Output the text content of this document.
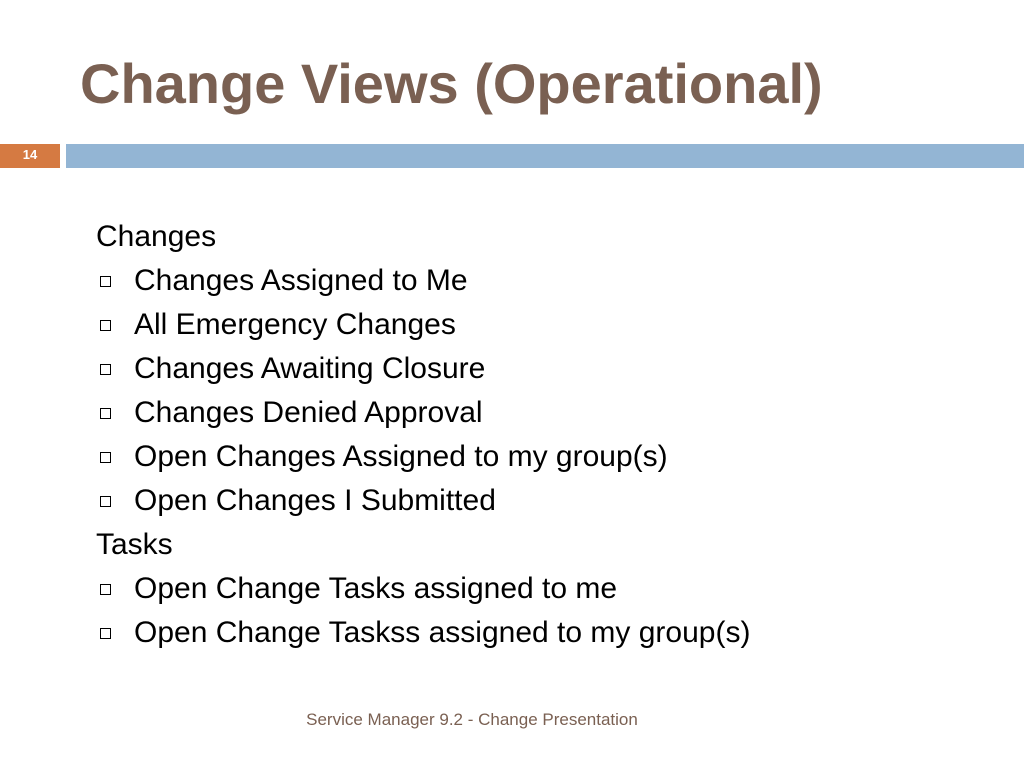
Change Views (Operational)
14
Changes
Changes Assigned to Me
All Emergency Changes
Changes Awaiting Closure
Changes Denied Approval
Open Changes Assigned to my group(s)
Open Changes I Submitted
Tasks
Open Change Tasks assigned to me
Open Change Taskss assigned to my group(s)
Service Manager 9.2 - Change Presentation
